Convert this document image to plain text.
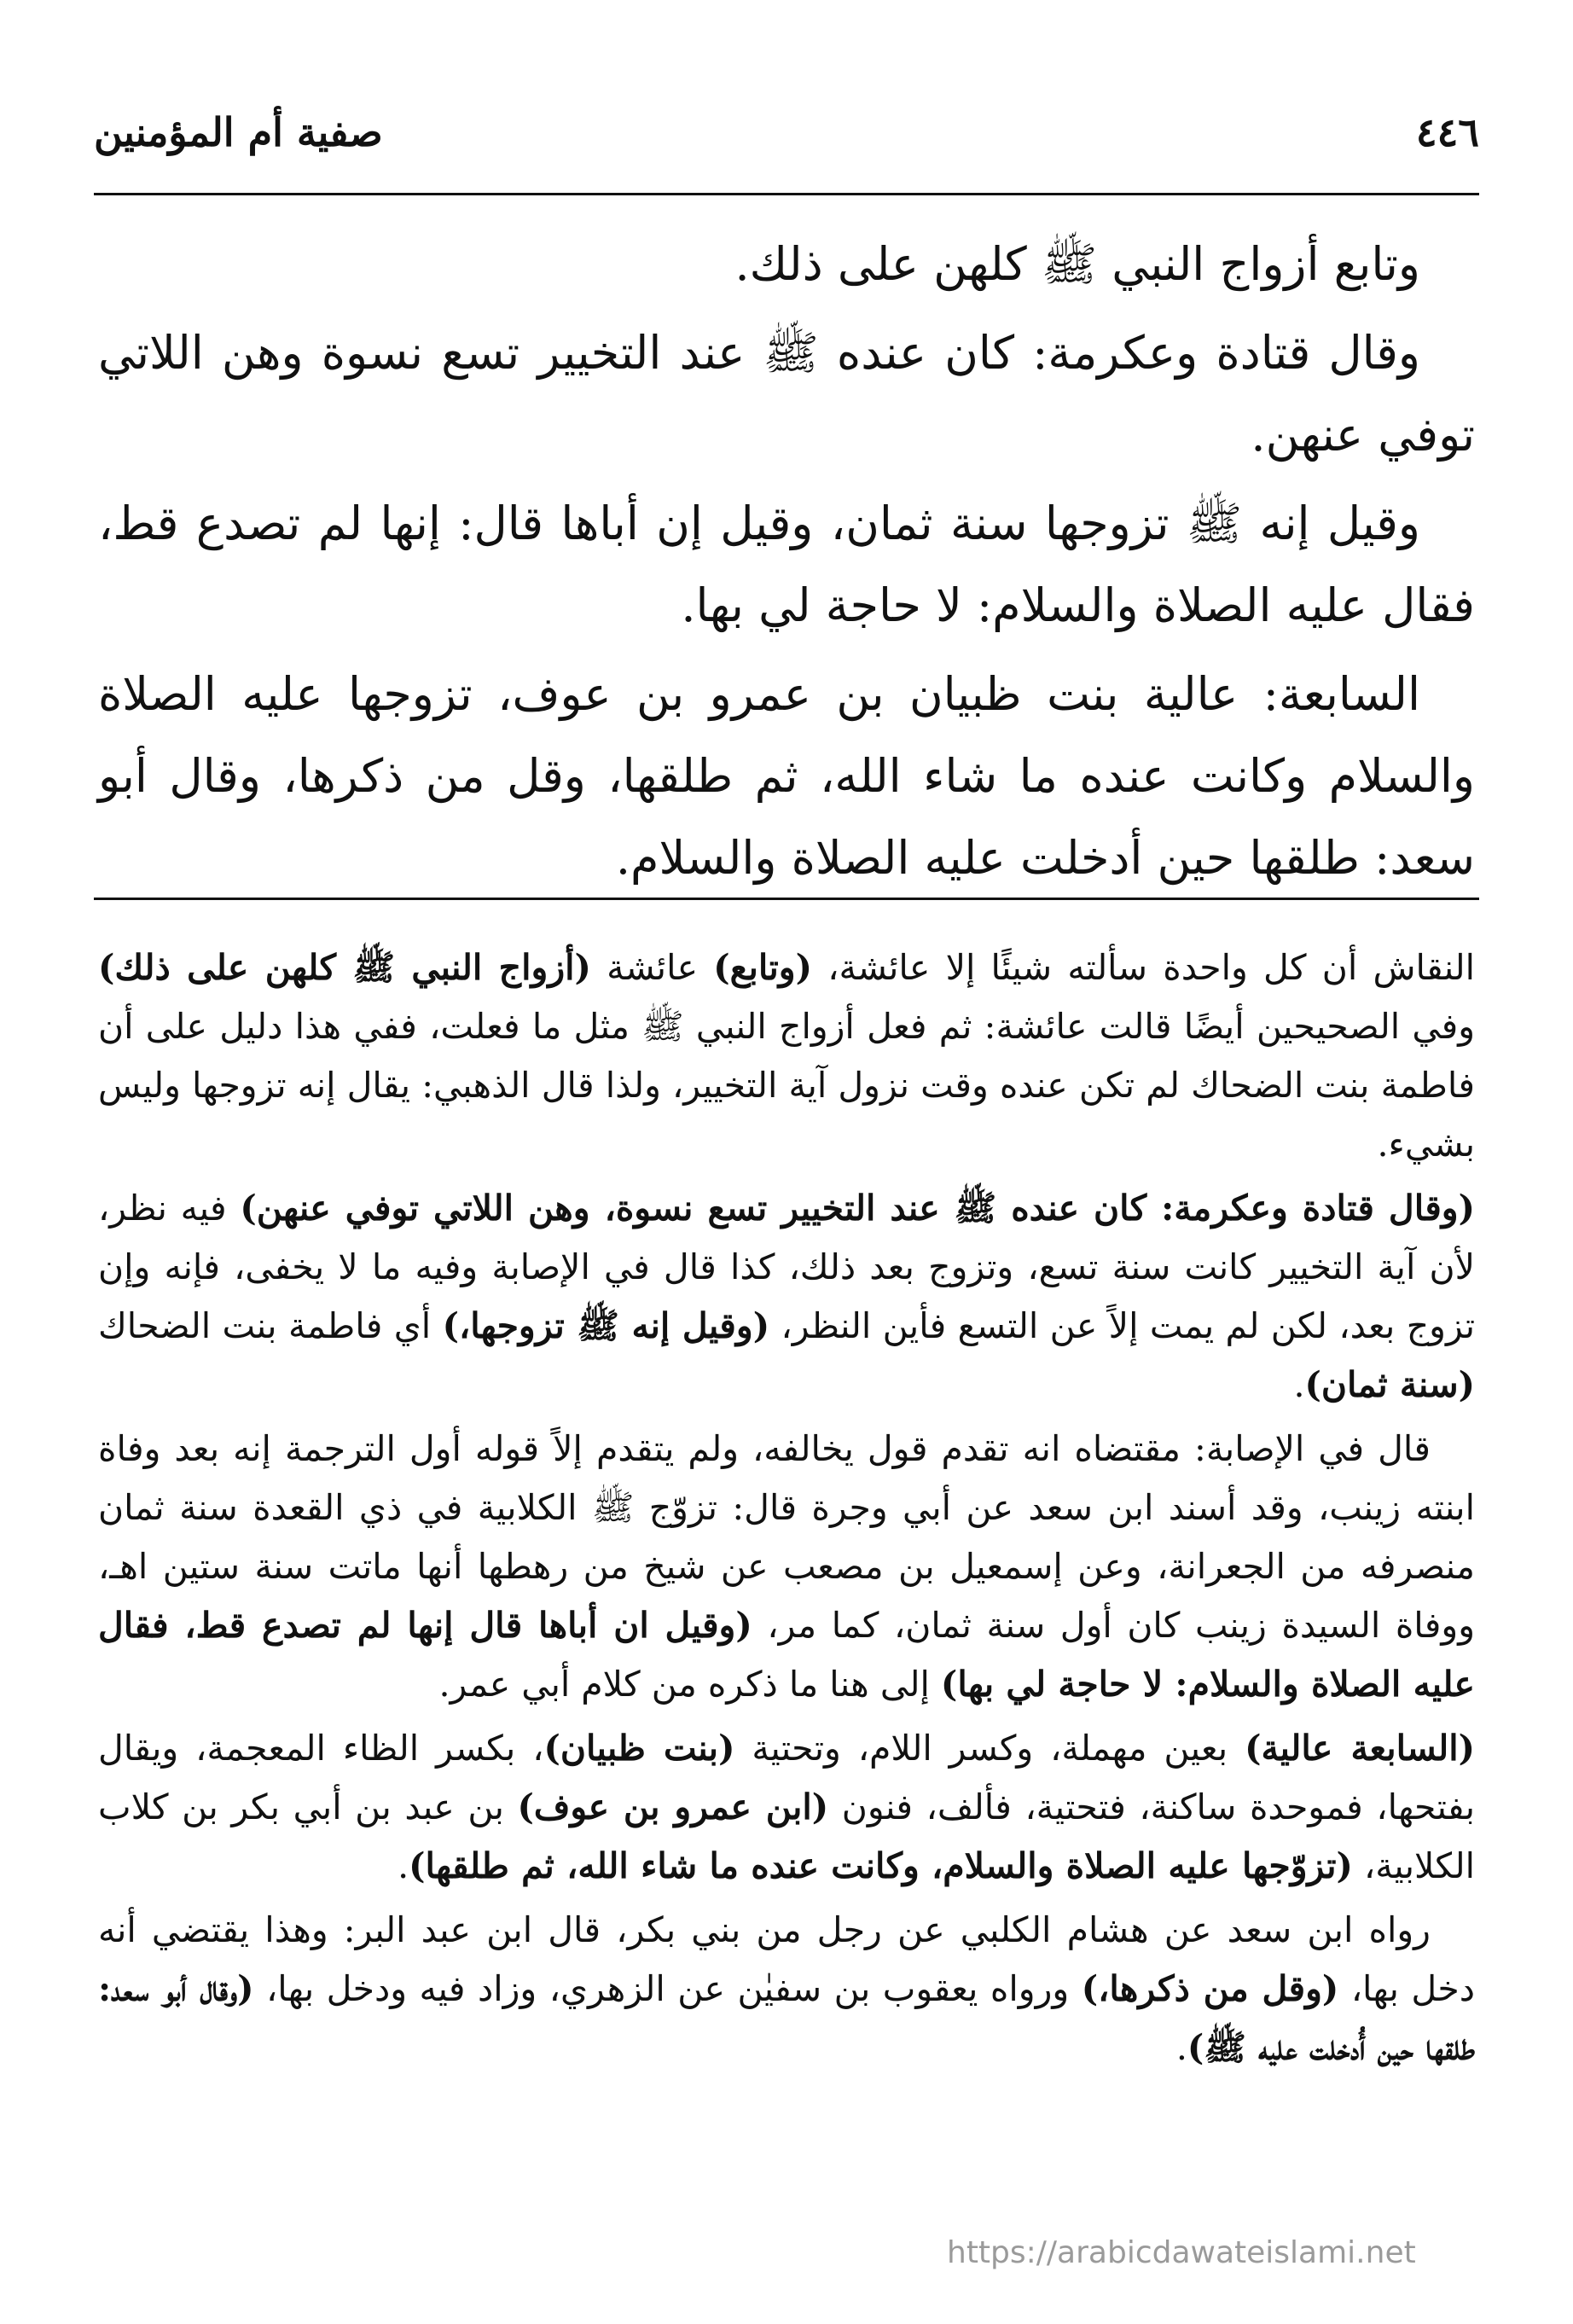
٤٤٦
صفية أم المؤمنين

وتابع أزواج النبي ﷺ كلهن على ذلك.

وقال قتادة وعكرمة: كان عنده ﷺ عند التخيير تسع نسوة وهن اللاتي توفي عنهن.

وقيل إنه ﷺ تزوجها سنة ثمان، وقيل إن أباها قال: إنها لم تصدع قط، فقال عليه الصلاة والسلام: لا حاجة لي بها.

السابعة: عالية بنت ظبيان بن عمرو بن عوف، تزوجها عليه الصلاة والسلام وكانت عنده ما شاء الله، ثم طلقها، وقل من ذكرها، وقال أبو سعد: طلقها حين أدخلت عليه الصلاة والسلام.

النقاش أن كل واحدة سألته شيئًا إلا عائشة، (وتابع) عائشة (أزواج النبي ﷺ كلهن على ذلك) وفي الصحيحين أيضًا قالت عائشة: ثم فعل أزواج النبي ﷺ مثل ما فعلت، ففي هذا دليل على أن فاطمة بنت الضحاك لم تكن عنده وقت نزول آية التخيير، ولذا قال الذهبي: يقال إنه تزوجها وليس بشيء.

(وقال قتادة وعكرمة: كان عنده ﷺ عند التخيير تسع نسوة، وهن اللاتي توفي عنهن) فيه نظر، لأن آية التخيير كانت سنة تسع، وتزوج بعد ذلك، كذا قال في الإصابة وفيه ما لا يخفى، فإنه وإن تزوج بعد، لكن لم يمت إلاً عن التسع فأين النظر، (وقيل إنه ﷺ تزوجها،) أي فاطمة بنت الضحاك (سنة ثمان).

قال في الإصابة: مقتضاه انه تقدم قول يخالفه، ولم يتقدم إلاً قوله أول الترجمة إنه بعد وفاة ابنته زينب، وقد أسند ابن سعد عن أبي وجرة قال: تزوّج ﷺ الكلابية في ذي القعدة سنة ثمان منصرفه من الجعرانة، وعن إسمعيل بن مصعب عن شيخ من رهطها أنها ماتت سنة ستين اهـ، ووفاة السيدة زينب كان أول سنة ثمان، كما مر، (وقيل ان أباها قال إنها لم تصدع قط، فقال عليه الصلاة والسلام: لا حاجة لي بها) إلى هنا ما ذكره من كلام أبي عمر.

(السابعة عالية) بعين مهملة، وكسر اللام، وتحتية (بنت ظبيان)، بكسر الظاء المعجمة، ويقال بفتحها، فموحدة ساكنة، فتحتية، فألف، فنون (ابن عمرو بن عوف) بن عبد بن أبي بكر بن كلاب الكلابية، (تزوّجها عليه الصلاة والسلام، وكانت عنده ما شاء الله، ثم طلقها).

رواه ابن سعد عن هشام الكلبي عن رجل من بني بكر، قال ابن عبد البر: وهذا يقتضي أنه دخل بها، (وقل من ذكرها،) ورواه يعقوب بن سفيٰن عن الزهري، وزاد فيه ودخل بها، (وقال أبو سعد: طلقها حين أُدخلت عليه ﷺ).

https://arabicdawateislami.net
